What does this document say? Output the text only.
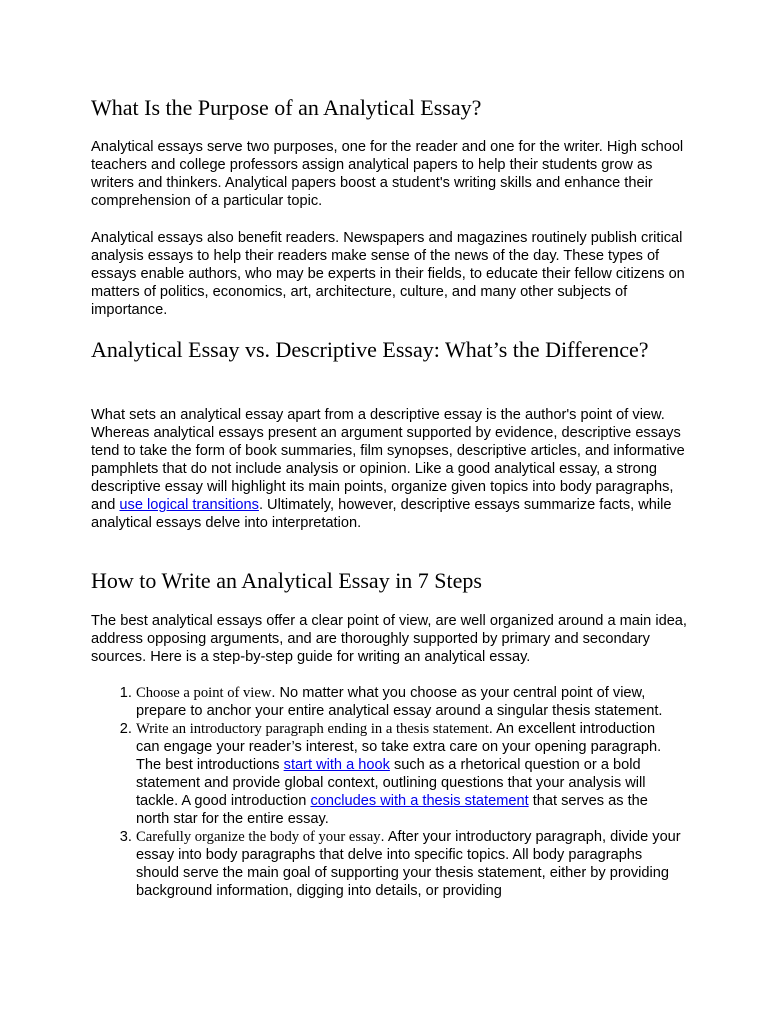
What Is the Purpose of an Analytical Essay?

Analytical essays serve two purposes, one for the reader and one for the writer. High school teachers and college professors assign analytical papers to help their students grow as writers and thinkers. Analytical papers boost a student's writing skills and enhance their comprehension of a particular topic.

Analytical essays also benefit readers. Newspapers and magazines routinely publish critical analysis essays to help their readers make sense of the news of the day. These types of essays enable authors, who may be experts in their fields, to educate their fellow citizens on matters of politics, economics, art, architecture, culture, and many other subjects of importance.

Analytical Essay vs. Descriptive Essay: What’s the Difference?

What sets an analytical essay apart from a descriptive essay is the author's point of view. Whereas analytical essays present an argument supported by evidence, descriptive essays tend to take the form of book summaries, film synopses, descriptive articles, and informative pamphlets that do not include analysis or opinion. Like a good analytical essay, a strong descriptive essay will highlight its main points, organize given topics into body paragraphs, and use logical transitions. Ultimately, however, descriptive essays summarize facts, while analytical essays delve into interpretation.

How to Write an Analytical Essay in 7 Steps

The best analytical essays offer a clear point of view, are well organized around a main idea, address opposing arguments, and are thoroughly supported by primary and secondary sources. Here is a step-by-step guide for writing an analytical essay.

1. Choose a point of view. No matter what you choose as your central point of view, prepare to anchor your entire analytical essay around a singular thesis statement.
2. Write an introductory paragraph ending in a thesis statement. An excellent introduction can engage your reader’s interest, so take extra care on your opening paragraph. The best introductions start with a hook such as a rhetorical question or a bold statement and provide global context, outlining questions that your analysis will tackle. A good introduction concludes with a thesis statement that serves as the north star for the entire essay.
3. Carefully organize the body of your essay. After your introductory paragraph, divide your essay into body paragraphs that delve into specific topics. All body paragraphs should serve the main goal of supporting your thesis statement, either by providing background information, digging into details, or providing
